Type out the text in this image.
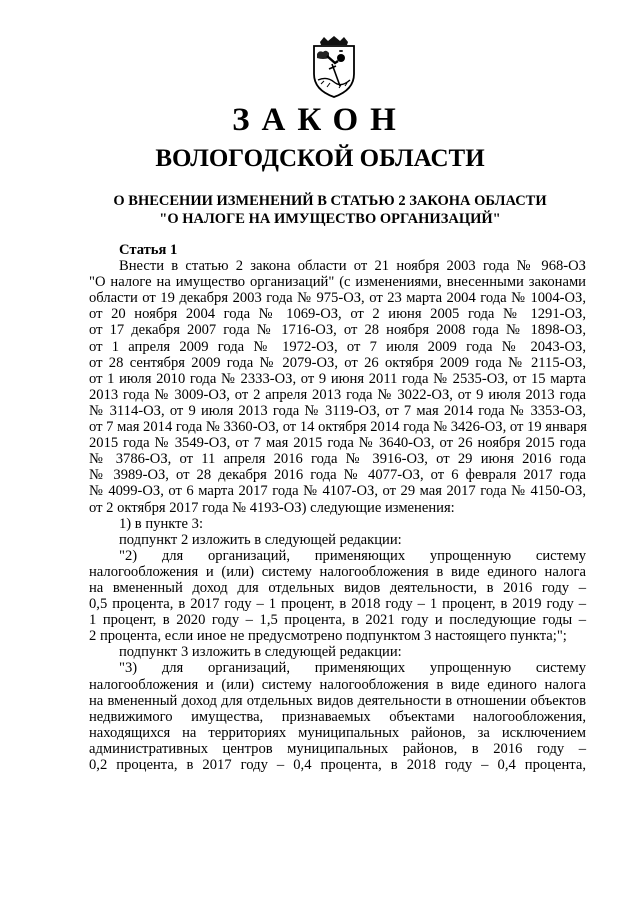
ЗАКОН
ВОЛОГОДСКОЙ ОБЛАСТИ
О ВНЕСЕНИИ ИЗМЕНЕНИЙ В СТАТЬЮ 2 ЗАКОНА ОБЛАСТИ
"О НАЛОГЕ НА ИМУЩЕСТВО ОРГАНИЗАЦИЙ"
Статья 1
Внести в статью 2 закона области от 21 ноября 2003 года № 968-ОЗ
"О налоге на имущество организаций" (с изменениями, внесенными законами
области от 19 декабря 2003 года № 975-ОЗ, от 23 марта 2004 года № 1004-ОЗ,
от 20 ноября 2004 года № 1069-ОЗ, от 2 июня 2005 года № 1291-ОЗ,
от 17 декабря 2007 года № 1716-ОЗ, от 28 ноября 2008 года № 1898-ОЗ,
от 1 апреля 2009 года № 1972-ОЗ, от 7 июля 2009 года № 2043-ОЗ,
от 28 сентября 2009 года № 2079-ОЗ, от 26 октября 2009 года № 2115-ОЗ,
от 1 июля 2010 года № 2333-ОЗ, от 9 июня 2011 года № 2535-ОЗ, от 15 марта
2013 года № 3009-ОЗ, от 2 апреля 2013 года № 3022-ОЗ, от 9 июля 2013 года
№ 3114-ОЗ, от 9 июля 2013 года № 3119-ОЗ, от 7 мая 2014 года № 3353-ОЗ,
от 7 мая 2014 года № 3360-ОЗ, от 14 октября 2014 года № 3426-ОЗ, от 19 января
2015 года № 3549-ОЗ, от 7 мая 2015 года № 3640-ОЗ, от 26 ноября 2015 года
№ 3786-ОЗ, от 11 апреля 2016 года № 3916-ОЗ, от 29 июня 2016 года
№ 3989-ОЗ, от 28 декабря 2016 года № 4077-ОЗ, от 6 февраля 2017 года
№ 4099-ОЗ, от 6 марта 2017 года № 4107-ОЗ, от 29 мая 2017 года № 4150-ОЗ,
от 2 октября 2017 года № 4193-ОЗ) следующие изменения:
1) в пункте 3:
подпункт 2 изложить в следующей редакции:
"2) для организаций, применяющих упрощенную систему
налогообложения и (или) систему налогообложения в виде единого налога
на вмененный доход для отдельных видов деятельности, в 2016 году –
0,5 процента, в 2017 году – 1 процент, в 2018 году – 1 процент, в 2019 году –
1 процент, в 2020 году – 1,5 процента, в 2021 году и последующие годы –
2 процента, если иное не предусмотрено подпунктом 3 настоящего пункта;";
подпункт 3 изложить в следующей редакции:
"3) для организаций, применяющих упрощенную систему
налогообложения и (или) систему налогообложения в виде единого налога
на вмененный доход для отдельных видов деятельности в отношении объектов
недвижимого имущества, признаваемых объектами налогообложения,
находящихся на территориях муниципальных районов, за исключением
административных центров муниципальных районов, в 2016 году –
0,2 процента, в 2017 году – 0,4 процента, в 2018 году – 0,4 процента,
